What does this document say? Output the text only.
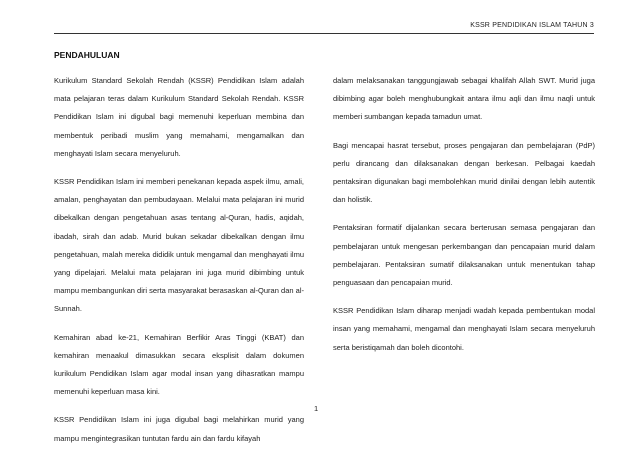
KSSR PENDIDIKAN ISLAM TAHUN 3
PENDAHULUAN

Kurikulum Standard Sekolah Rendah (KSSR) Pendidikan Islam adalah mata pelajaran teras dalam Kurikulum Standard Sekolah Rendah. KSSR Pendidikan Islam ini digubal bagi memenuhi keperluan membina dan membentuk peribadi muslim yang memahami, mengamalkan dan menghayati Islam secara menyeluruh.

KSSR Pendidikan Islam ini memberi penekanan kepada aspek ilmu, amali, amalan, penghayatan dan pembudayaan. Melalui mata pelajaran ini murid dibekalkan dengan pengetahuan asas tentang al-Quran, hadis, aqidah, ibadah, sirah dan adab. Murid bukan sekadar dibekalkan dengan ilmu pengetahuan, malah mereka dididik untuk mengamal dan menghayati ilmu yang dipelajari. Melalui mata pelajaran ini juga murid dibimbing untuk mampu membangunkan diri serta masyarakat berasaskan al-Quran dan al-Sunnah.

Kemahiran abad ke-21, Kemahiran Berfikir Aras Tinggi (KBAT) dan kemahiran menaakul dimasukkan secara eksplisit dalam dokumen kurikulum Pendidikan Islam agar modal insan yang dihasratkan mampu memenuhi keperluan masa kini.

KSSR Pendidikan Islam ini juga digubal bagi melahirkan murid yang mampu mengintegrasikan tuntutan fardu ain dan fardu kifayah

dalam melaksanakan tanggungjawab sebagai khalifah Allah SWT. Murid juga dibimbing agar boleh menghubungkait antara ilmu aqli dan ilmu naqli untuk memberi sumbangan kepada tamadun umat.

Bagi mencapai hasrat tersebut, proses pengajaran dan pembelajaran (PdP) perlu dirancang dan dilaksanakan dengan berkesan. Pelbagai kaedah pentaksiran digunakan bagi membolehkan murid dinilai dengan lebih autentik dan holistik.

Pentaksiran formatif dijalankan secara berterusan semasa pengajaran dan pembelajaran untuk mengesan perkembangan dan pencapaian murid dalam pembelajaran. Pentaksiran sumatif dilaksanakan untuk menentukan tahap penguasaan dan pencapaian murid.

KSSR Pendidikan Islam diharap menjadi wadah kepada pembentukan modal insan yang memahami, mengamal dan menghayati Islam secara menyeluruh serta beristiqamah dan boleh dicontohi.

1
